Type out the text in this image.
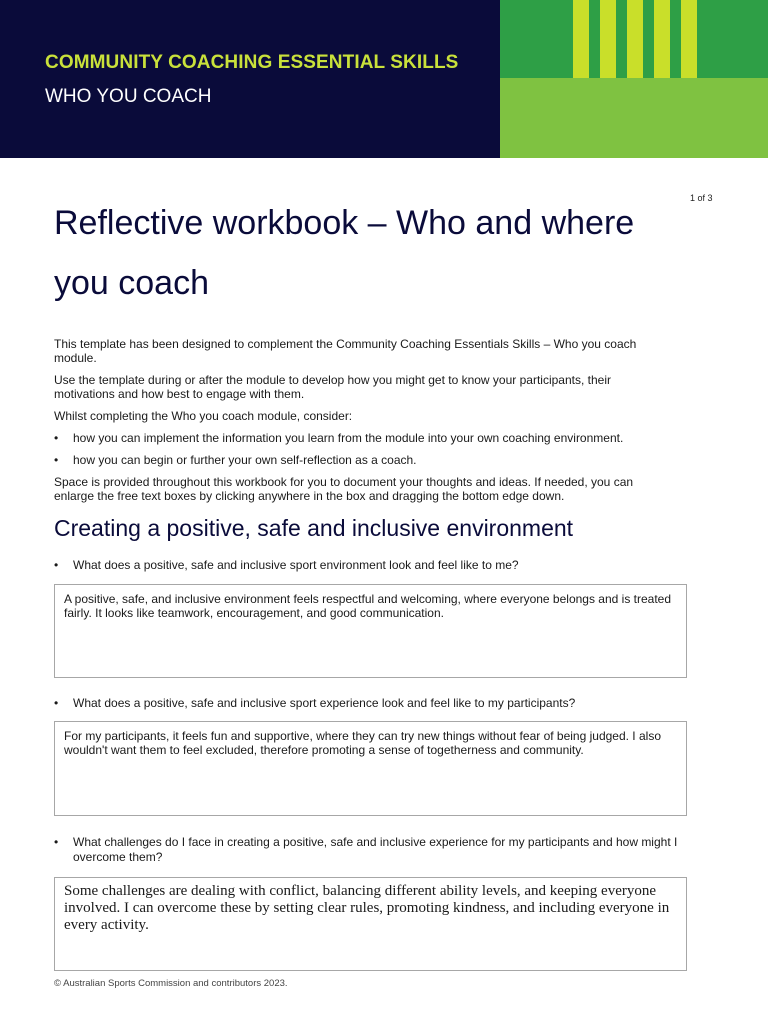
COMMUNITY COACHING ESSENTIAL SKILLS
WHO YOU COACH
1 of 3
Reflective workbook – Who and where you coach

This template has been designed to complement the Community Coaching Essentials Skills – Who you coach module.

Use the template during or after the module to develop how you might get to know your participants, their motivations and how best to engage with them.

Whilst completing the Who you coach module, consider:

• how you can implement the information you learn from the module into your own coaching environment.
• how you can begin or further your own self-reflection as a coach.

Space is provided throughout this workbook for you to document your thoughts and ideas. If needed, you can enlarge the free text boxes by clicking anywhere in the box and dragging the bottom edge down.

Creating a positive, safe and inclusive environment
• What does a positive, safe and inclusive sport environment look and feel like to me?
A positive, safe, and inclusive environment feels respectful and welcoming, where everyone belongs and is treated fairly. It looks like teamwork, encouragement, and good communication.
• What does a positive, safe and inclusive sport experience look and feel like to my participants?
For my participants, it feels fun and supportive, where they can try new things without fear of being judged. I also wouldn't want them to feel excluded, therefore promoting a sense of togetherness and community.
• What challenges do I face in creating a positive, safe and inclusive experience for my participants and how might I overcome them?
Some challenges are dealing with conflict, balancing different ability levels, and keeping everyone involved. I can overcome these by setting clear rules, promoting kindness, and including everyone in every activity.
© Australian Sports Commission and contributors 2023.
